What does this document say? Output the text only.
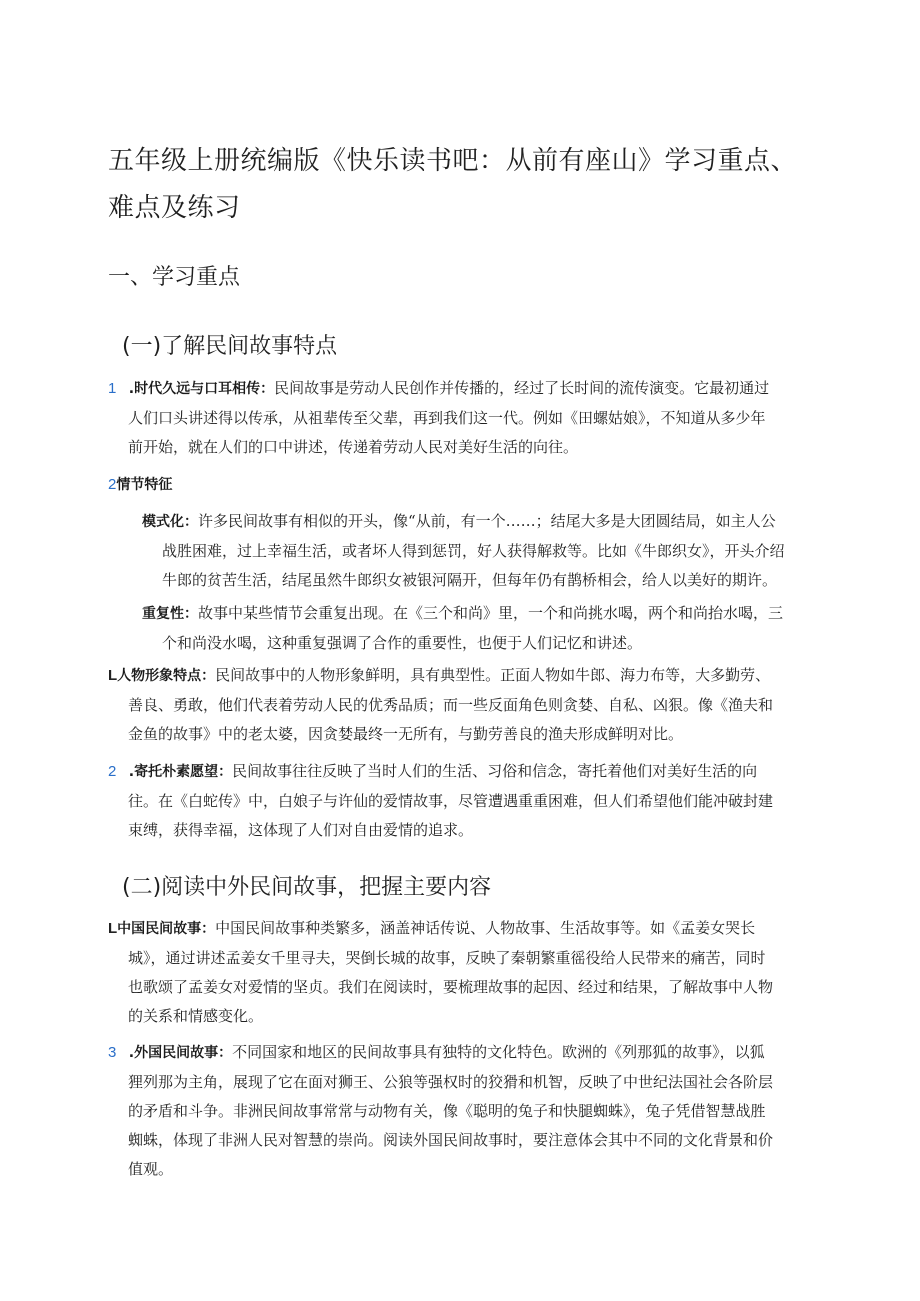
五年级上册统编版《快乐读书吧：从前有座山》学习重点、
难点及练习
一、学习重点
(一)了解民间故事特点
1 .时代久远与口耳相传：民间故事是劳动人民创作并传播的，经过了长时间的流传演变。它最初通过
人们口头讲述得以传承，从祖辈传至父辈，再到我们这一代。例如《田螺姑娘》，不知道从多少年
前开始，就在人们的口中讲述，传递着劳动人民对美好生活的向往。
2情节特征
模式化：许多民间故事有相似的开头，像“从前，有一个……；结尾大多是大团圆结局，如主人公
战胜困难，过上幸福生活，或者坏人得到惩罚，好人获得解救等。比如《牛郎织女》，开头介绍
牛郎的贫苦生活，结尾虽然牛郎织女被银河隔开，但每年仍有鹊桥相会，给人以美好的期许。
重复性：故事中某些情节会重复出现。在《三个和尚》里，一个和尚挑水喝，两个和尚抬水喝，三
个和尚没水喝，这种重复强调了合作的重要性，也便于人们记忆和讲述。
L人物形象特点：民间故事中的人物形象鲜明，具有典型性。正面人物如牛郎、海力布等，大多勤劳、
善良、勇敢，他们代表着劳动人民的优秀品质；而一些反面角色则贪婪、自私、凶狠。像《渔夫和
金鱼的故事》中的老太婆，因贪婪最终一无所有，与勤劳善良的渔夫形成鲜明对比。
2 .寄托朴素愿望：民间故事往往反映了当时人们的生活、习俗和信念，寄托着他们对美好生活的向
往。在《白蛇传》中，白娘子与许仙的爱情故事，尽管遭遇重重困难，但人们希望他们能冲破封建
束缚，获得幸福，这体现了人们对自由爱情的追求。
(二)阅读中外民间故事，把握主要内容
L中国民间故事：中国民间故事种类繁多，涵盖神话传说、人物故事、生活故事等。如《孟姜女哭长
城》，通过讲述孟姜女千里寻夫，哭倒长城的故事，反映了秦朝繁重徭役给人民带来的痛苦，同时
也歌颂了孟姜女对爱情的坚贞。我们在阅读时，要梳理故事的起因、经过和结果，了解故事中人物
的关系和情感变化。
3 .外国民间故事：不同国家和地区的民间故事具有独特的文化特色。欧洲的《列那狐的故事》，以狐
狸列那为主角，展现了它在面对狮王、公狼等强权时的狡猾和机智，反映了中世纪法国社会各阶层
的矛盾和斗争。非洲民间故事常常与动物有关，像《聪明的兔子和快腿蜘蛛》，兔子凭借智慧战胜
蜘蛛，体现了非洲人民对智慧的崇尚。阅读外国民间故事时，要注意体会其中不同的文化背景和价
值观。
